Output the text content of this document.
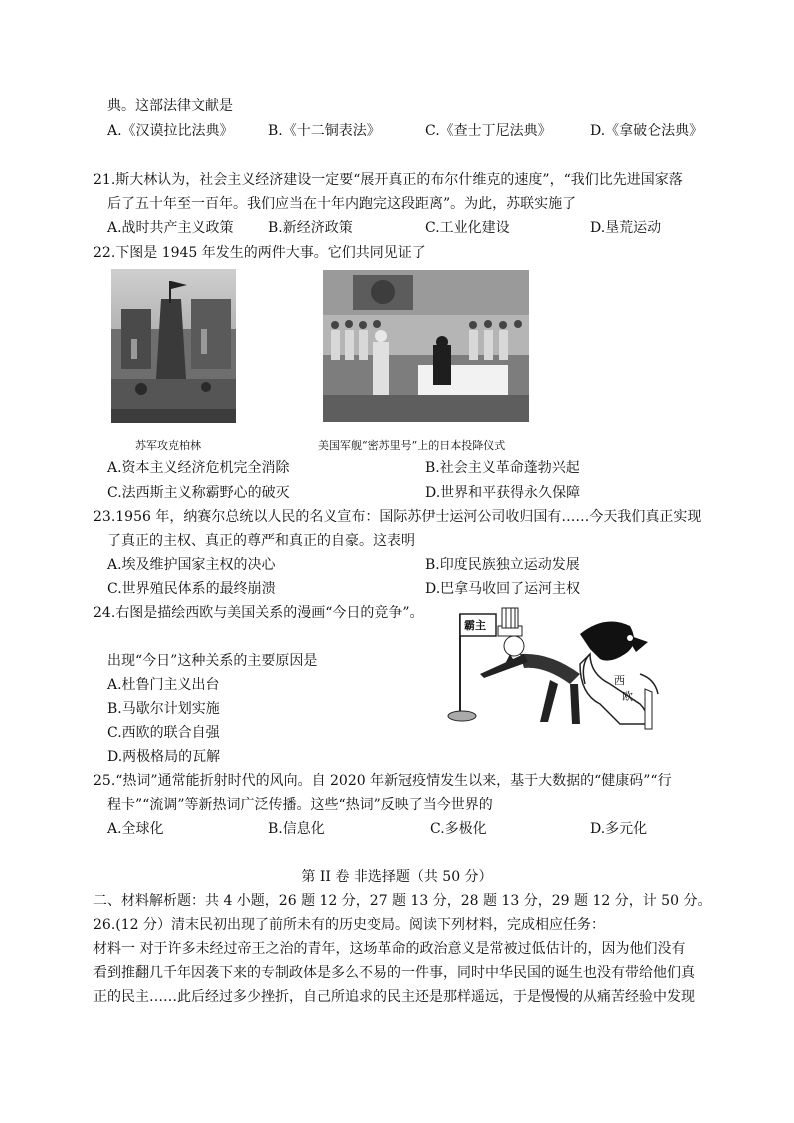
典。这部法律文献是
A.《汉谟拉比法典》 B.《十二铜表法》	C.《查士丁尼法典》	D.《拿破仑法典》
21.斯大林认为，社会主义经济建设一定要“展开真正的布尔什维克的速度”，“我们比先进国家落
后了五十年至一百年。我们应当在十年内跑完这段距离”。为此，苏联实施了
A.战时共产主义政策 B.新经济政策	C.工业化建设	D.垦荒运动
22.下图是 1945 年发生的两件大事。它们共同见证了
苏军攻克柏林	美国军舰“密苏里号”上的日本投降仪式
A.资本主义经济危机完全消除	B.社会主义革命蓬勃兴起
C.法西斯主义称霸野心的破灭	D.世界和平获得永久保障
23.1956 年，纳赛尔总统以人民的名义宣布：国际苏伊士运河公司收归国有……今天我们真正实现
了真正的主权、真正的尊严和真正的自豪。这表明
A.埃及维护国家主权的决心	B.印度民族独立运动发展
C.世界殖民体系的最终崩溃	D.巴拿马收回了运河主权
24.右图是描绘西欧与美国关系的漫画“今日的竞争”。
出现“今日”这种关系的主要原因是
A.杜鲁门主义出台
B.马歇尔计划实施
C.西欧的联合自强
D.两极格局的瓦解
霸主
西
欧
25.“热词”通常能折射时代的风向。自 2020 年新冠疫情发生以来，基于大数据的“健康码”“行
程卡”“流调”等新热词广泛传播。这些“热词”反映了当今世界的
A.全球化	B.信息化	C.多极化	D.多元化
第 II 卷 非选择题（共 50 分）
二、材料解析题：共 4 小题，26 题 12 分，27 题 13 分，28 题 13 分，29 题 12 分，计 50 分。
26.(12 分）清末民初出现了前所未有的历史变局。阅读下列材料，完成相应任务：
材料一 对于许多未经过帝王之治的青年，这场革命的政治意义是常被过低估计的，因为他们没有
看到推翻几千年因袭下来的专制政体是多么不易的一件事，同时中华民国的诞生也没有带给他们真
正的民主……此后经过多少挫折，自己所追求的民主还是那样遥远，于是慢慢的从痛苦经验中发现
